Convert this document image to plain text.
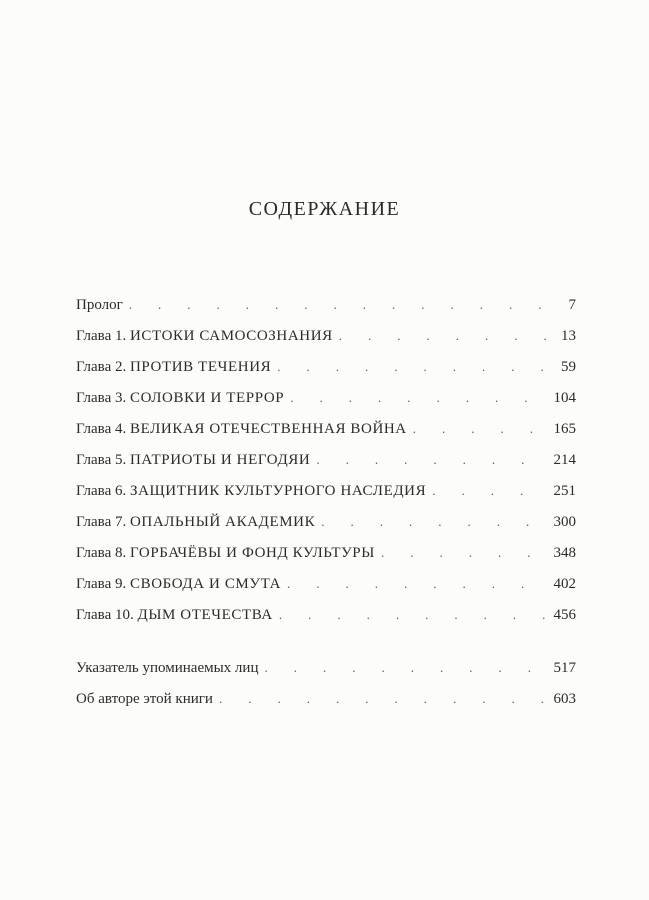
СОДЕРЖАНИЕ
Пролог .	7
Глава 1. ИСТОКИ САМОСОЗНАНИЯ .	13
Глава 2. ПРОТИВ ТЕЧЕНИЯ .	59
Глава 3. СОЛОВКИ И ТЕРРОР .	104
Глава 4. ВЕЛИКАЯ ОТЕЧЕСТВЕННАЯ ВОЙНА .	165
Глава 5. ПАТРИОТЫ И НЕГОДЯИ .	214
Глава 6. ЗАЩИТНИК КУЛЬТУРНОГО НАСЛЕДИЯ .	251
Глава 7. ОПАЛЬНЫЙ АКАДЕМИК .	300
Глава 8. ГОРБАЧЁВЫ И ФОНД КУЛЬТУРЫ .	348
Глава 9. СВОБОДА И СМУТА .	402
Глава 10. ДЫМ ОТЕЧЕСТВА .	456
Указатель упоминаемых лиц .	517
Об авторе этой книги .	603
